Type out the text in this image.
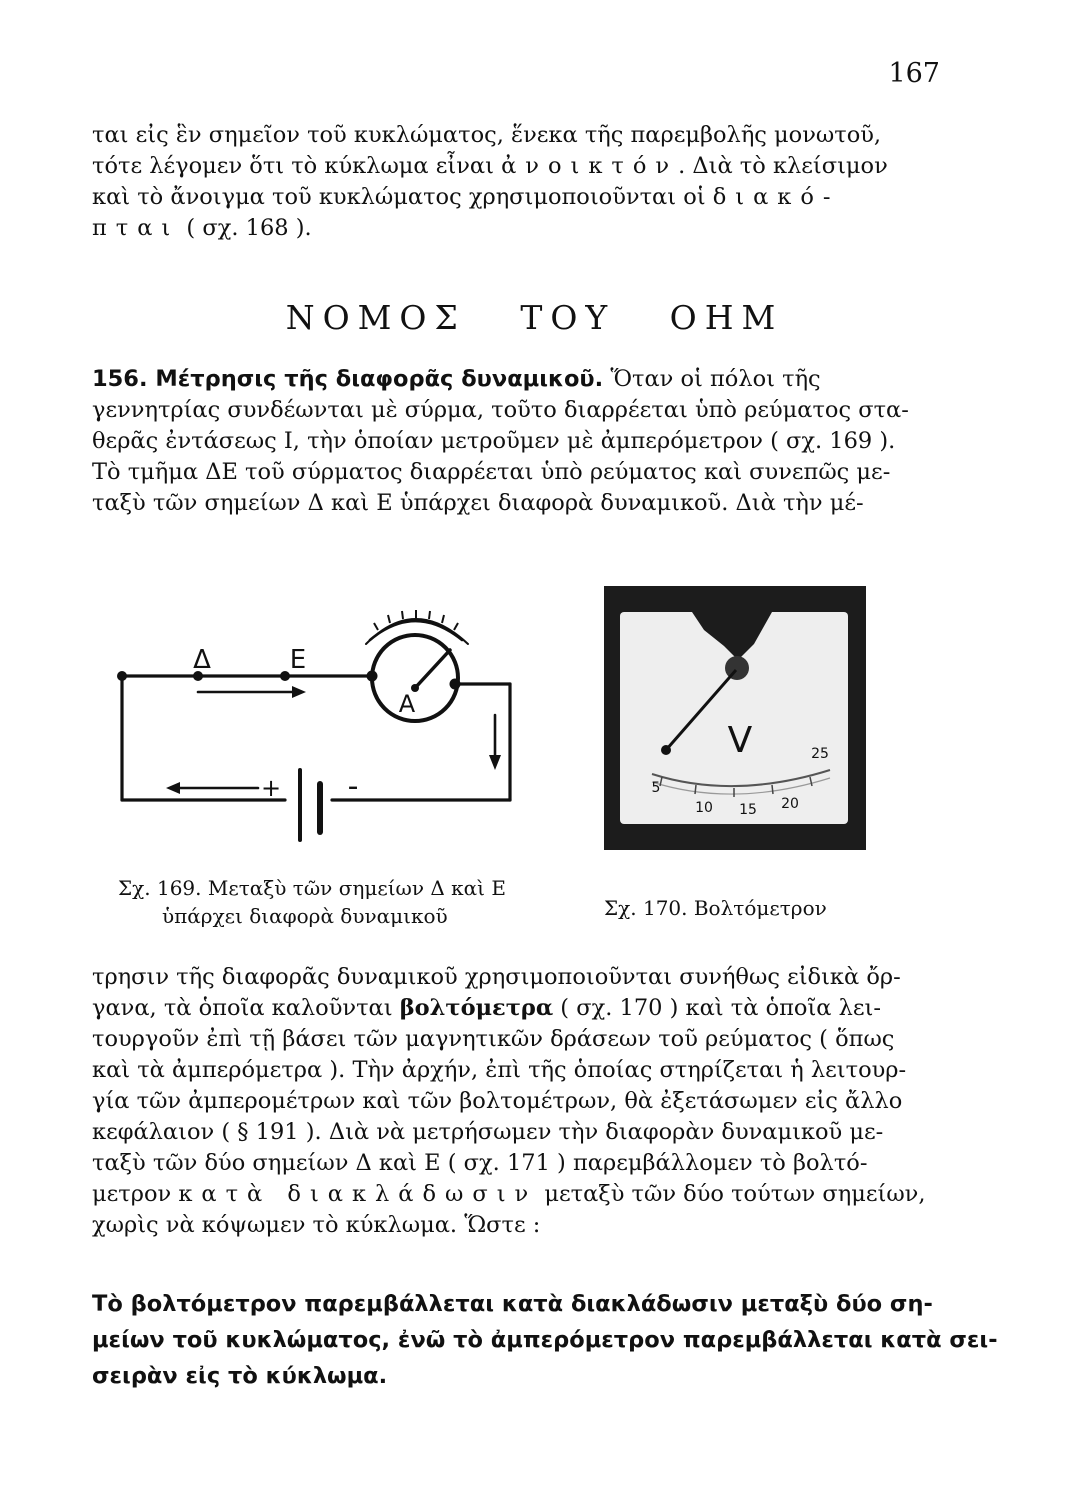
167
ται εἰς ἓν σημεῖον τοῦ κυκλώματος, ἕνεκα τῆς παρεμβολῆς μονωτοῦ,
τότε λέγομεν ὅτι τὸ κύκλωμα εἶναι ἀνοικτόν. Διὰ τὸ κλείσιμον
καὶ τὸ ἄνοιγμα τοῦ κυκλώματος χρησιμοποιοῦνται οἱ διακό-
πται ( σχ. 168 ).
ΝΟΜΟΣ ΤΟΥ ΟΗΜ
156. Μέτρησις τῆς διαφορᾶς δυναμικοῦ. Ὅταν οἱ πόλοι τῆς
γεννητρίας συνδέωνται μὲ σύρμα, τοῦτο διαρρέεται ὑπὸ ρεύματος στα-
θερᾶς ἐντάσεως I, τὴν ὁποίαν μετροῦμεν μὲ ἀμπερόμετρον ( σχ. 169 ).
Τὸ τμῆμα ΔΕ τοῦ σύρματος διαρρέεται ὑπὸ ρεύματος καὶ συνεπῶς με-
ταξὺ τῶν σημείων Δ καὶ Ε ὑπάρχει διαφορὰ δυναμικοῦ. Διὰ τὴν μέ-
Δ	Ε
A
+ -
V
5
10 15 20
25
Σχ. 169. Μεταξὺ τῶν σημείων Δ καὶ Ε
ὑπάρχει διαφορὰ δυναμικοῦ	Σχ. 170. Βολτόμετρον
τρησιν τῆς διαφορᾶς δυναμικοῦ χρησιμοποιοῦνται συνήθως εἰδικὰ ὄρ-
γανα, τὰ ὁποῖα καλοῦνται βολτόμετρα ( σχ. 170 ) καὶ τὰ ὁποῖα λει-
τουργοῦν ἐπὶ τῇ βάσει τῶν μαγνητικῶν δράσεων τοῦ ρεύματος ( ὅπως
καὶ τὰ ἀμπερόμετρα ). Τὴν ἀρχήν, ἐπὶ τῆς ὁποίας στηρίζεται ἡ λειτουρ-
γία τῶν ἀμπερομέτρων καὶ τῶν βολτομέτρων, θὰ ἐξετάσωμεν εἰς ἄλλο
κεφάλαιον ( § 191 ). Διὰ νὰ μετρήσωμεν τὴν διαφορὰν δυναμικοῦ με-
ταξὺ τῶν δύο σημείων Δ καὶ Ε ( σχ. 171 ) παρεμβάλλομεν τὸ βολτό-
μετρον κατὰ διακλάδωσιν μεταξὺ τῶν δύο τούτων σημείων,
χωρὶς νὰ κόψωμεν τὸ κύκλωμα. Ὥστε :
Τὸ βολτόμετρον παρεμβάλλεται κατὰ διακλάδωσιν μεταξὺ δύο ση-
μείων τοῦ κυκλώματος, ἐνῶ τὸ ἀμπερόμετρον παρεμβάλλεται κατὰ σει-
σειρὰν εἰς τὸ κύκλωμα.
